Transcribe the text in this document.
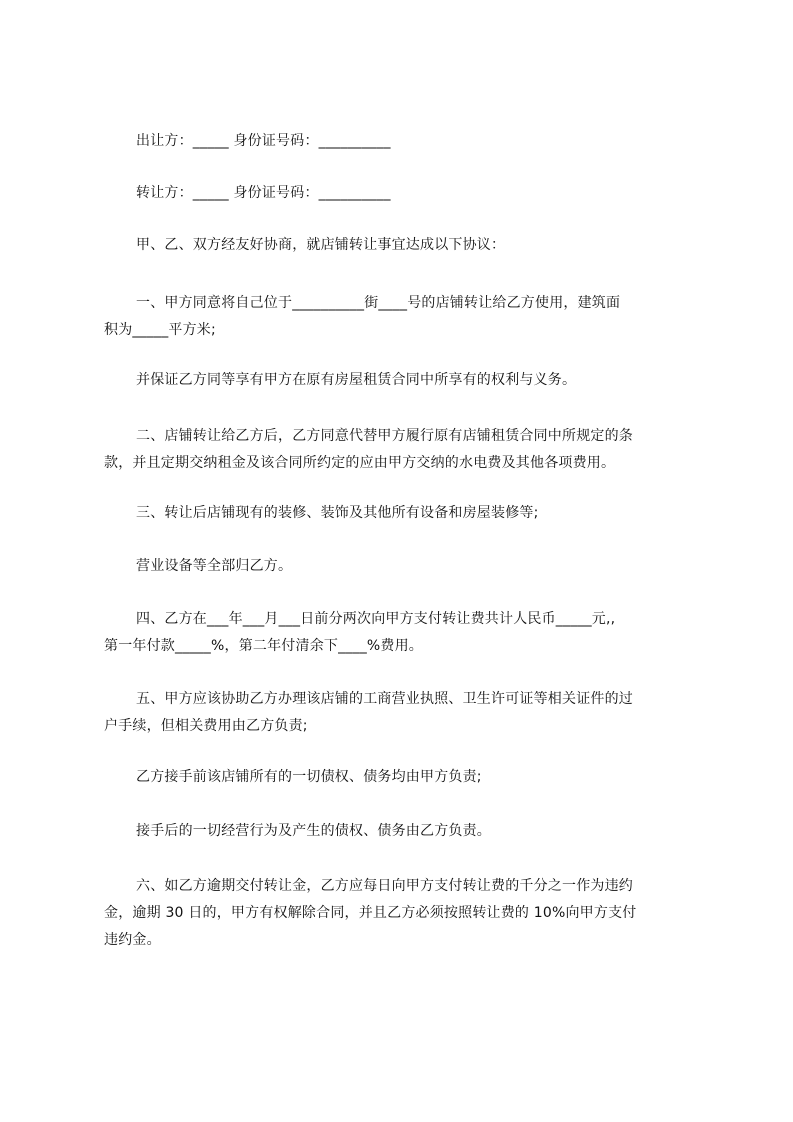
出让方：_____ 身份证号码：__________

转让方：_____ 身份证号码：__________

甲、乙、双方经友好协商，就店铺转让事宜达成以下协议：

一、甲方同意将自己位于__________街____号的店铺转让给乙方使用，建筑面
积为_____平方米;

并保证乙方同等享有甲方在原有房屋租赁合同中所享有的权利与义务。

二、店铺转让给乙方后，乙方同意代替甲方履行原有店铺租赁合同中所规定的条
款，并且定期交纳租金及该合同所约定的应由甲方交纳的水电费及其他各项费用。

三、转让后店铺现有的装修、装饰及其他所有设备和房屋装修等;

营业设备等全部归乙方。

四、乙方在___年___月___日前分两次向甲方支付转让费共计人民币_____元,,
第一年付款_____%，第二年付清余下____%费用。

五、甲方应该协助乙方办理该店铺的工商营业执照、卫生许可证等相关证件的过
户手续，但相关费用由乙方负责;

乙方接手前该店铺所有的一切债权、债务均由甲方负责;

接手后的一切经营行为及产生的债权、债务由乙方负责。

六、如乙方逾期交付转让金，乙方应每日向甲方支付转让费的千分之一作为违约
金，逾期 30 日的，甲方有权解除合同，并且乙方必须按照转让费的 10%向甲方支付
违约金。
